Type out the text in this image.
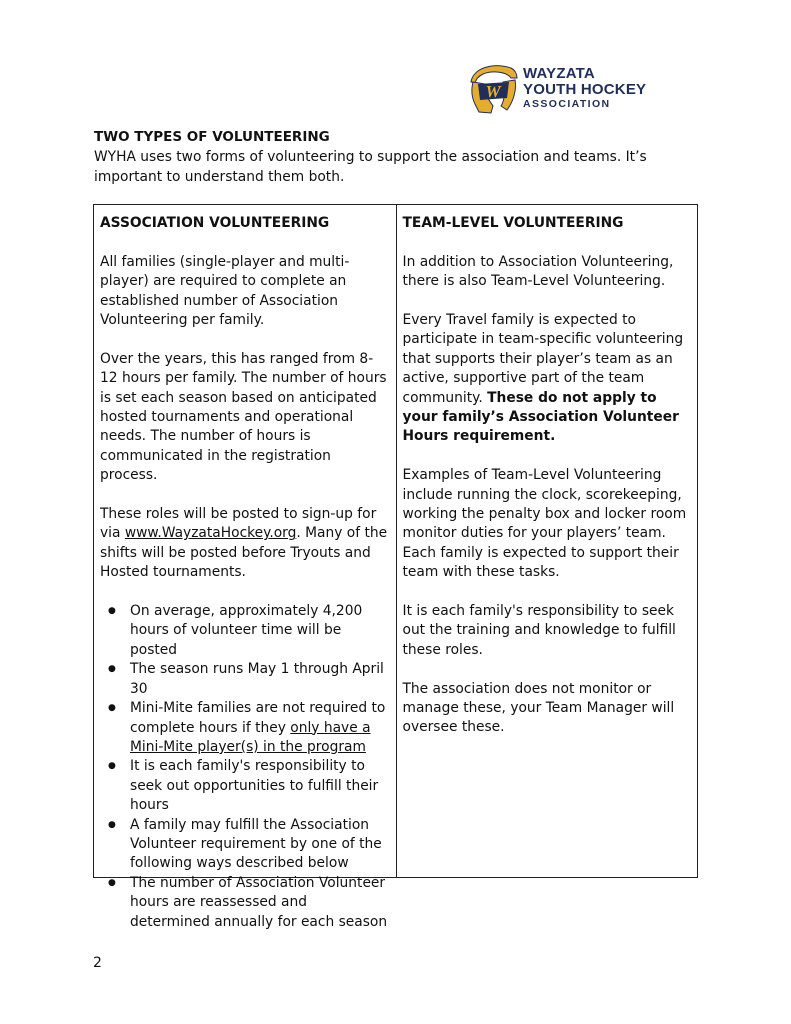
W
WAYZATA
YOUTH HOCKEY
ASSOCIATION
TWO TYPES OF VOLUNTEERING

WYHA uses two forms of volunteering to support the association and teams. It’s important to understand them both.

ASSOCIATION VOLUNTEERING

All families (single-player and multi-player) are required to complete an established number of Association Volunteering per family.

Over the years, this has ranged from 8-12 hours per family. The number of hours is set each season based on anticipated hosted tournaments and operational needs. The number of hours is communicated in the registration process.

These roles will be posted to sign-up for via www.WayzataHockey.org. Many of the shifts will be posted before Tryouts and Hosted tournaments.

● On average, approximately 4,200 hours of volunteer time will be posted
● The season runs May 1 through April 30
● Mini-Mite families are not required to complete hours if they only have a Mini-Mite player(s) in the program
● It is each family's responsibility to seek out opportunities to fulfill their hours
● A family may fulfill the Association Volunteer requirement by one of the following ways described below
● The number of Association Volunteer hours are reassessed and determined annually for each season
TEAM-LEVEL VOLUNTEERING

In addition to Association Volunteering, there is also Team-Level Volunteering.

Every Travel family is expected to participate in team-specific volunteering that supports their player’s team as an active, supportive part of the team community. These do not apply to your family’s Association Volunteer Hours requirement.

Examples of Team-Level Volunteering include running the clock, scorekeeping, working the penalty box and locker room monitor duties for your players’ team. Each family is expected to support their team with these tasks.

It is each family's responsibility to seek out the training and knowledge to fulfill these roles.

The association does not monitor or manage these, your Team Manager will oversee these.

2
